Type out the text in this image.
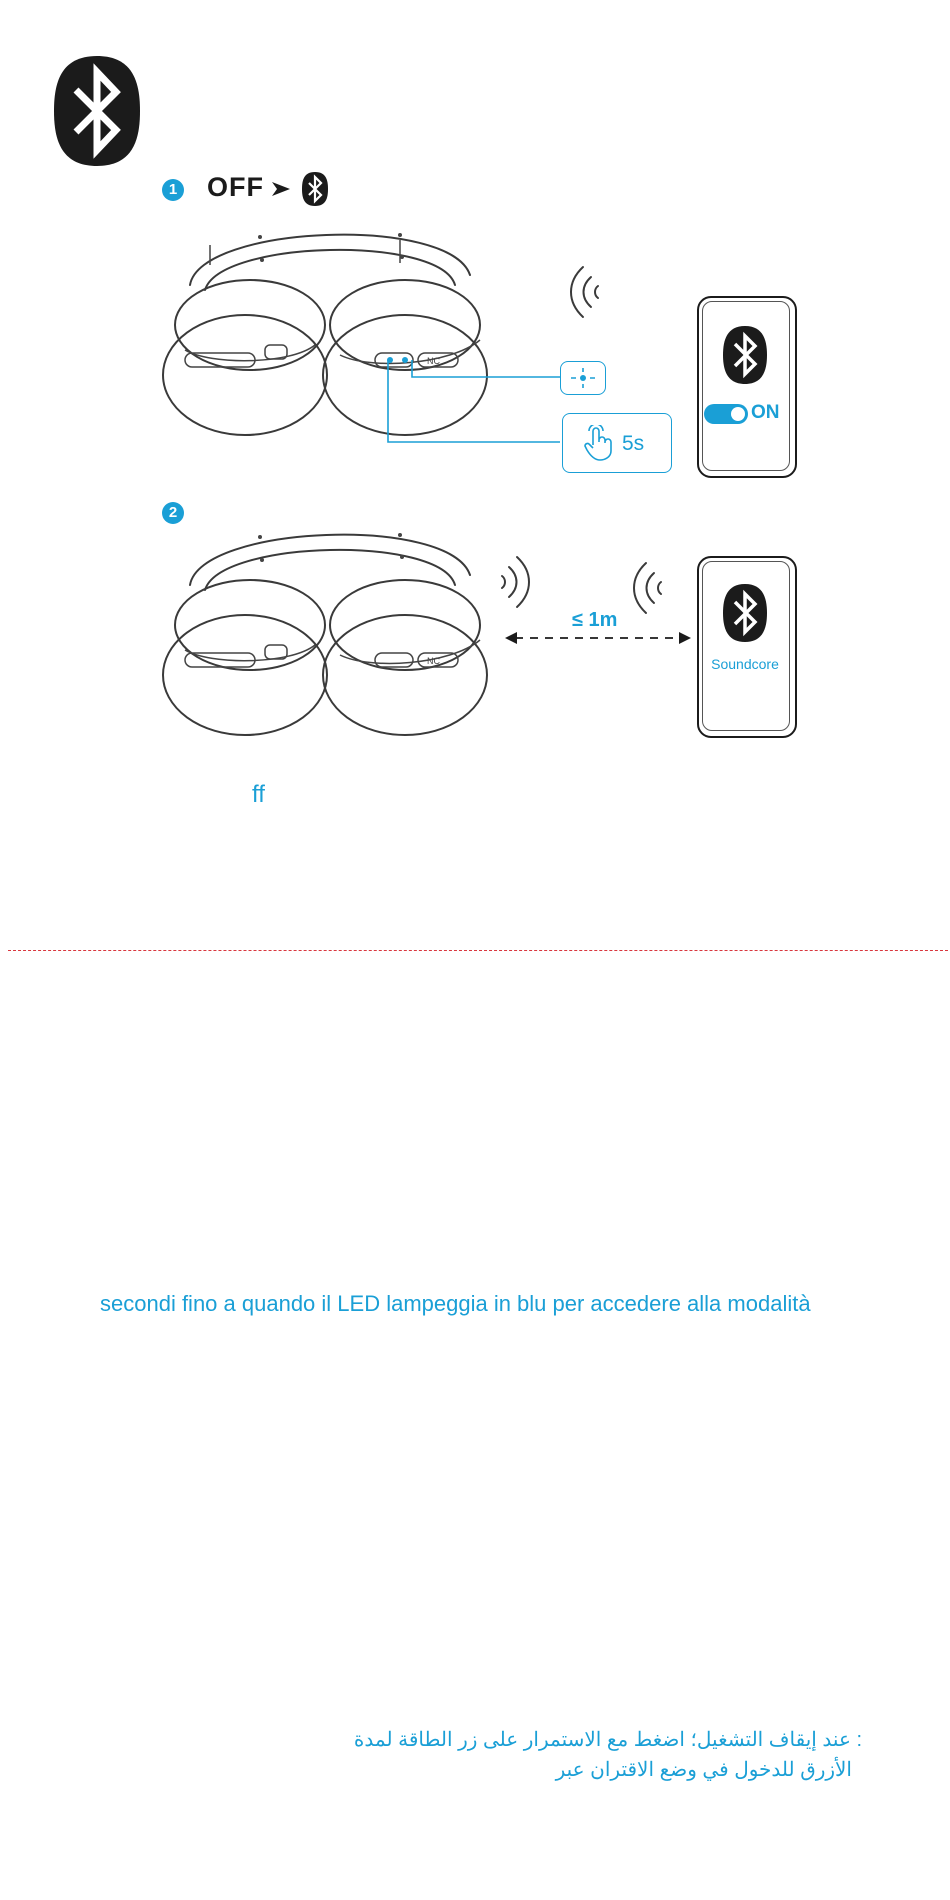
1 OFF
NC
5s
ON
2
NC
≤ 1m
Soundcore
ff
secondi fino a quando il LED lampeggia in blu per accedere alla modalità
: عند إيقاف التشغيل؛ اضغط مع الاستمرار على زر الطاقة لمدة
الأزرق للدخول في وضع الاقتران عبر
